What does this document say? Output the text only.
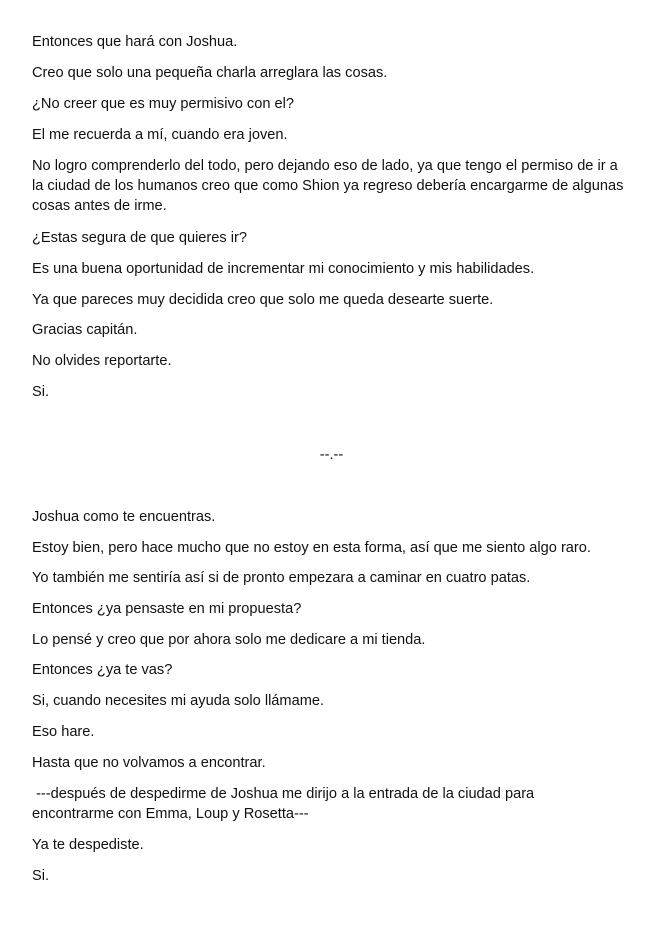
Entonces que hará con Joshua.

Creo que solo una pequeña charla arreglara las cosas.

¿No creer que es muy permisivo con el?

El me recuerda a mí, cuando era joven.

No logro comprenderlo del todo, pero dejando eso de lado, ya que tengo el permiso de ir a la ciudad de los humanos creo que como Shion ya regreso debería encargarme de algunas cosas antes de irme.

¿Estas segura de que quieres ir?

Es una buena oportunidad de incrementar mi conocimiento y mis habilidades.

Ya que pareces muy decidida creo que solo me queda desearte suerte.

Gracias capitán.

No olvides reportarte.

Si.

--.--

Joshua como te encuentras.

Estoy bien, pero hace mucho que no estoy en esta forma, así que me siento algo raro.

Yo también me sentiría así si de pronto empezara a caminar en cuatro patas.

Entonces ¿ya pensaste en mi propuesta?

Lo pensé y creo que por ahora solo me dedicare a mi tienda.

Entonces ¿ya te vas?

Si, cuando necesites mi ayuda solo llámame.

Eso hare.

Hasta que no volvamos a encontrar.

---después de despedirme de Joshua me dirijo a la entrada de la ciudad para encontrarme con Emma, Loup y Rosetta---

Ya te despediste.

Si.
